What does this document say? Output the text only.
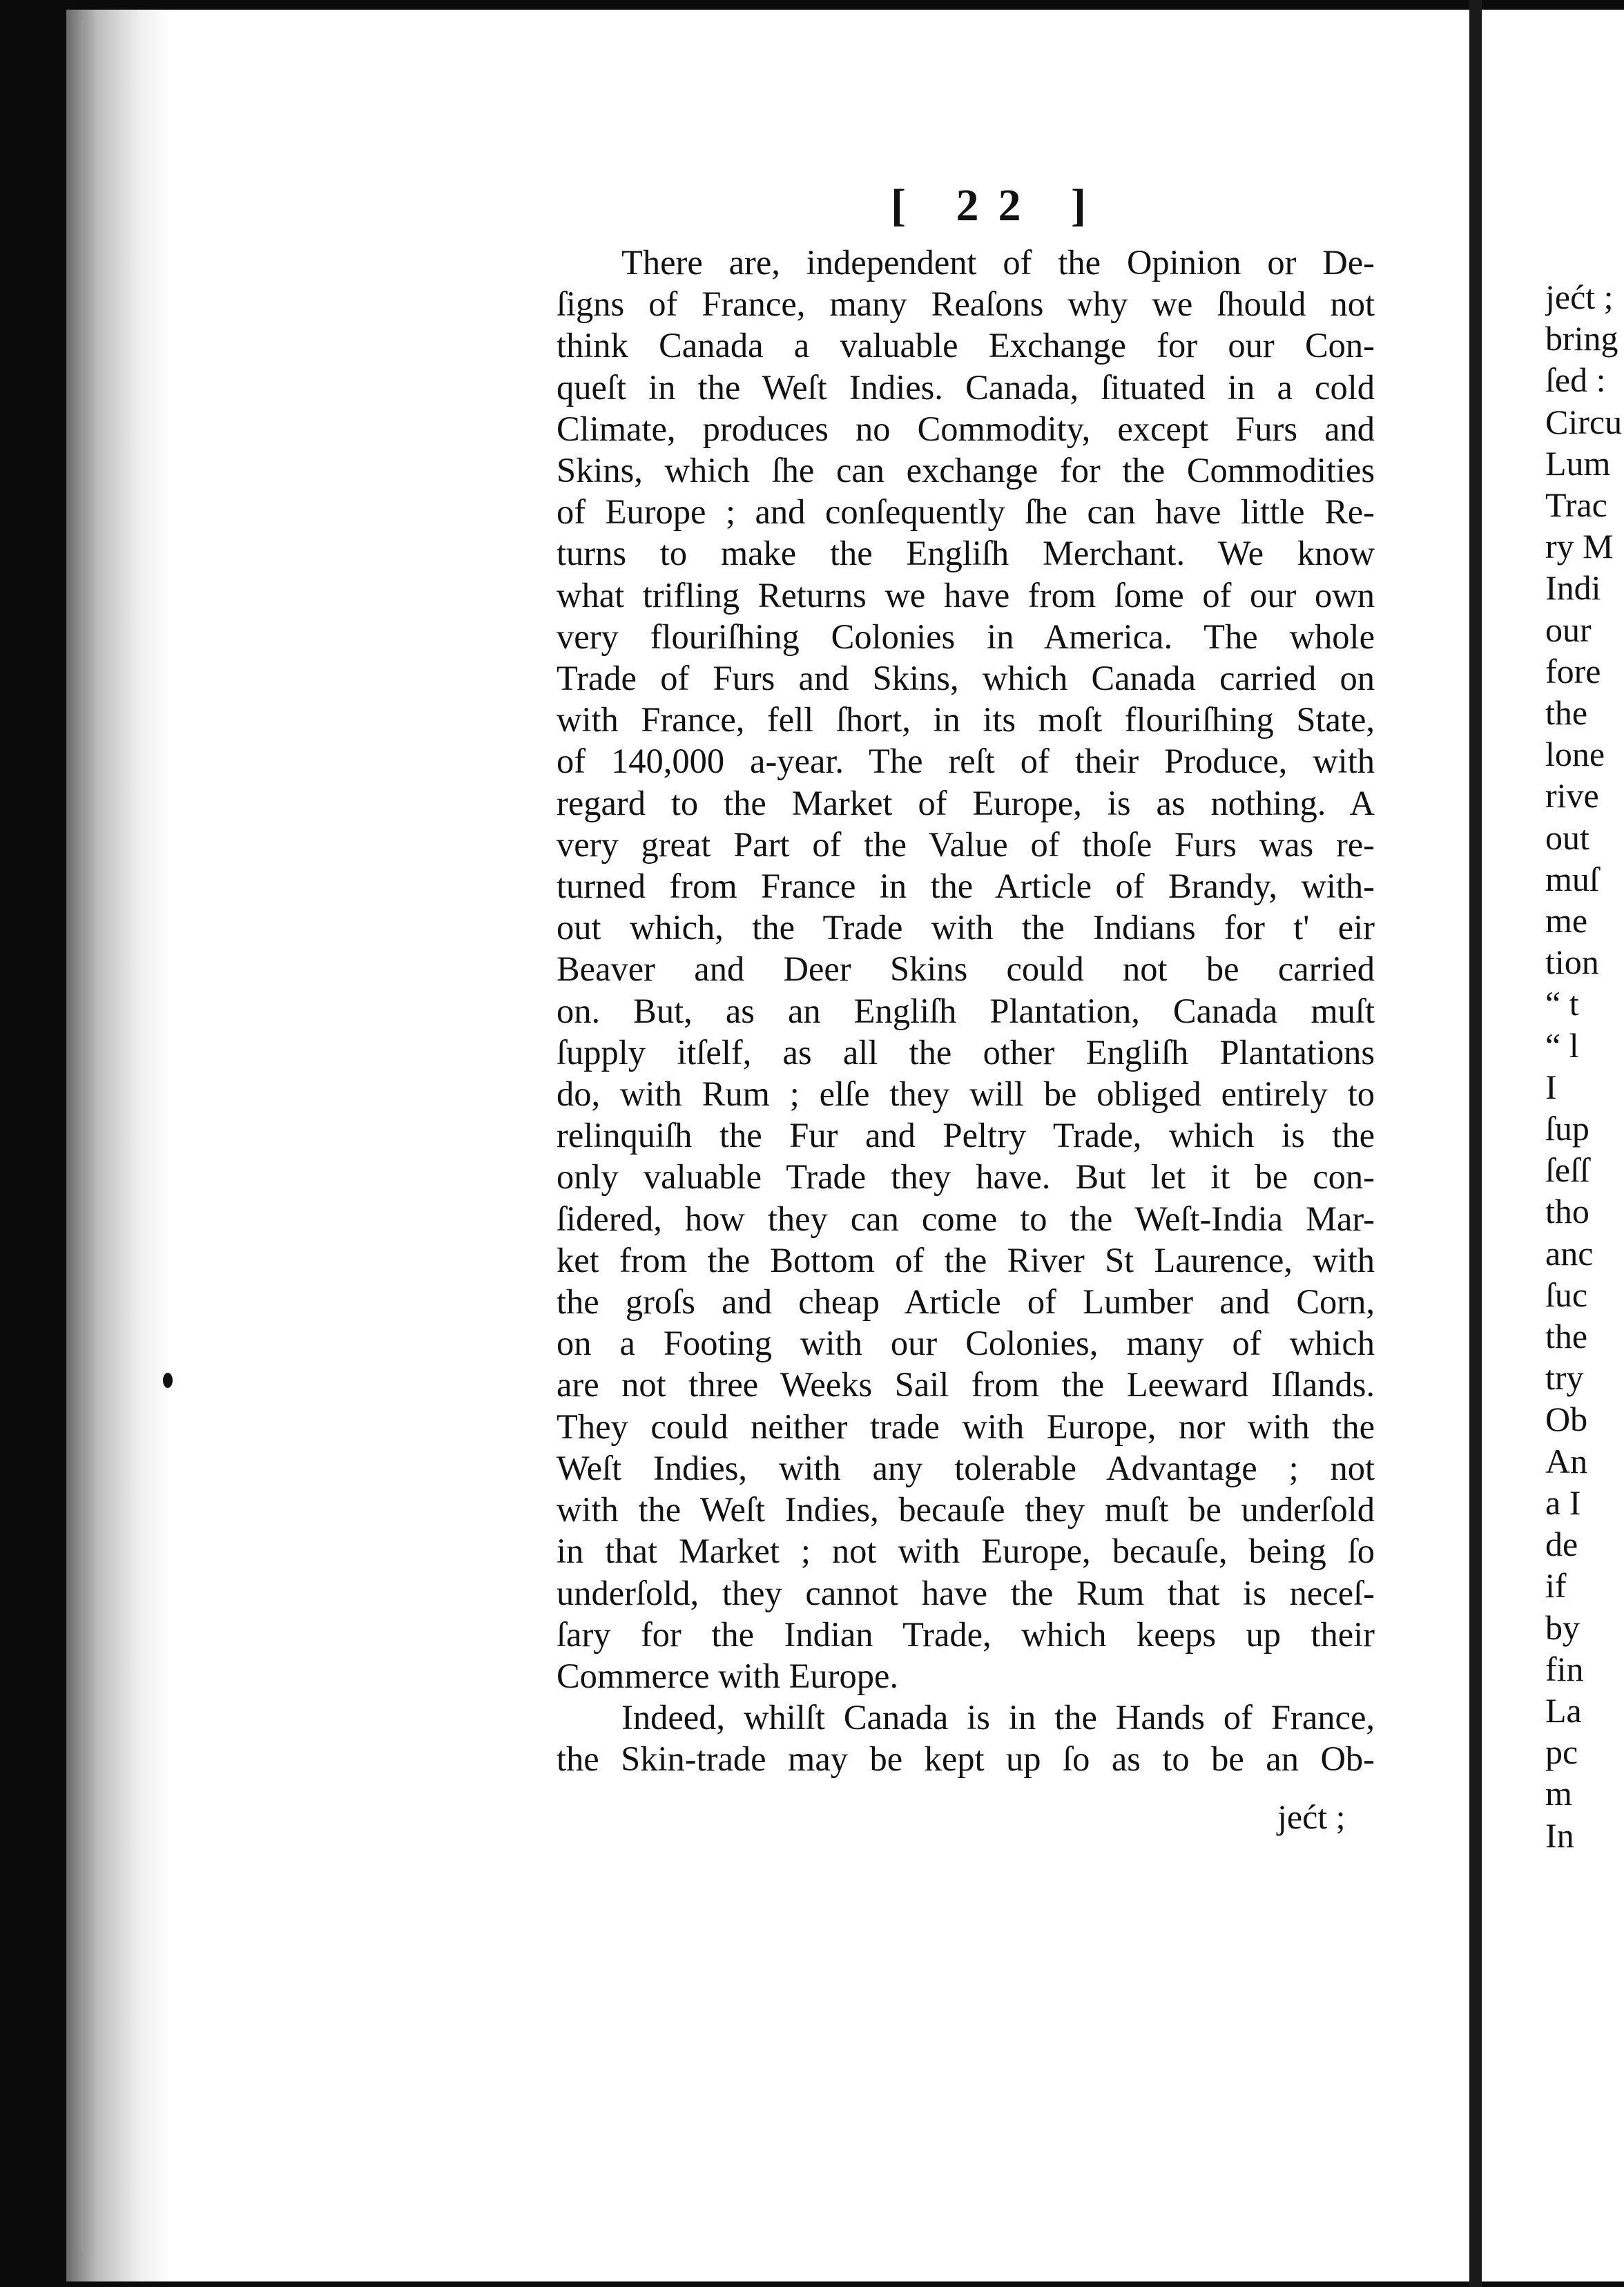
[ 22 ]
There are, independent of the Opinion or De-
ſigns of France, many Reaſons why we ſhould not
think Canada a valuable Exchange for our Con-
queſt in the Weſt Indies. Canada, ſituated in a cold
Climate, produces no Commodity, except Furs and
Skins, which ſhe can exchange for the Commodities
of Europe ; and conſequently ſhe can have little Re-
turns to make the Engliſh Merchant. We know
what trifling Returns we have from ſome of our own
very flouriſhing Colonies in America. The whole
Trade of Furs and Skins, which Canada carried on
with France, fell ſhort, in its moſt flouriſhing State,
of 140,000 a-year. The reſt of their Produce, with
regard to the Market of Europe, is as nothing. A
very great Part of the Value of thoſe Furs was re-
turned from France in the Article of Brandy, with-
out which, the Trade with the Indians for t' eir
Beaver and Deer Skins could not be carried
on. But, as an Engliſh Plantation, Canada muſt
ſupply itſelf, as all the other Engliſh Plantations
do, with Rum ; elſe they will be obliged entirely to
relinquiſh the Fur and Peltry Trade, which is the
only valuable Trade they have. But let it be con-
ſidered, how they can come to the Weſt-India Mar-
ket from the Bottom of the River St Laurence, with
the groſs and cheap Article of Lumber and Corn,
on a Footing with our Colonies, many of which
are not three Weeks Sail from the Leeward Iſlands.
They could neither trade with Europe, nor with the
Weſt Indies, with any tolerable Advantage ; not
with the Weſt Indies, becauſe they muſt be underſold
in that Market ; not with Europe, becauſe, being ſo
underſold, they cannot have the Rum that is neceſ-
ſary for the Indian Trade, which keeps up their
Commerce with Europe.
Indeed, whilſt Canada is in the Hands of France,
the Skin-trade may be kept up ſo as to be an Ob-
jećt ;
jećt ;
bring
ſed :
Circu
Lum
Trac
ry M
Indi
our
fore
the
lone
rive
out
muſ
me
tion
“ t
“ l
I
ſup
ſeſſ
tho
anc
ſuc
the
try
Ob
An
a I
de
if
by
fin
La
pc
m
In
